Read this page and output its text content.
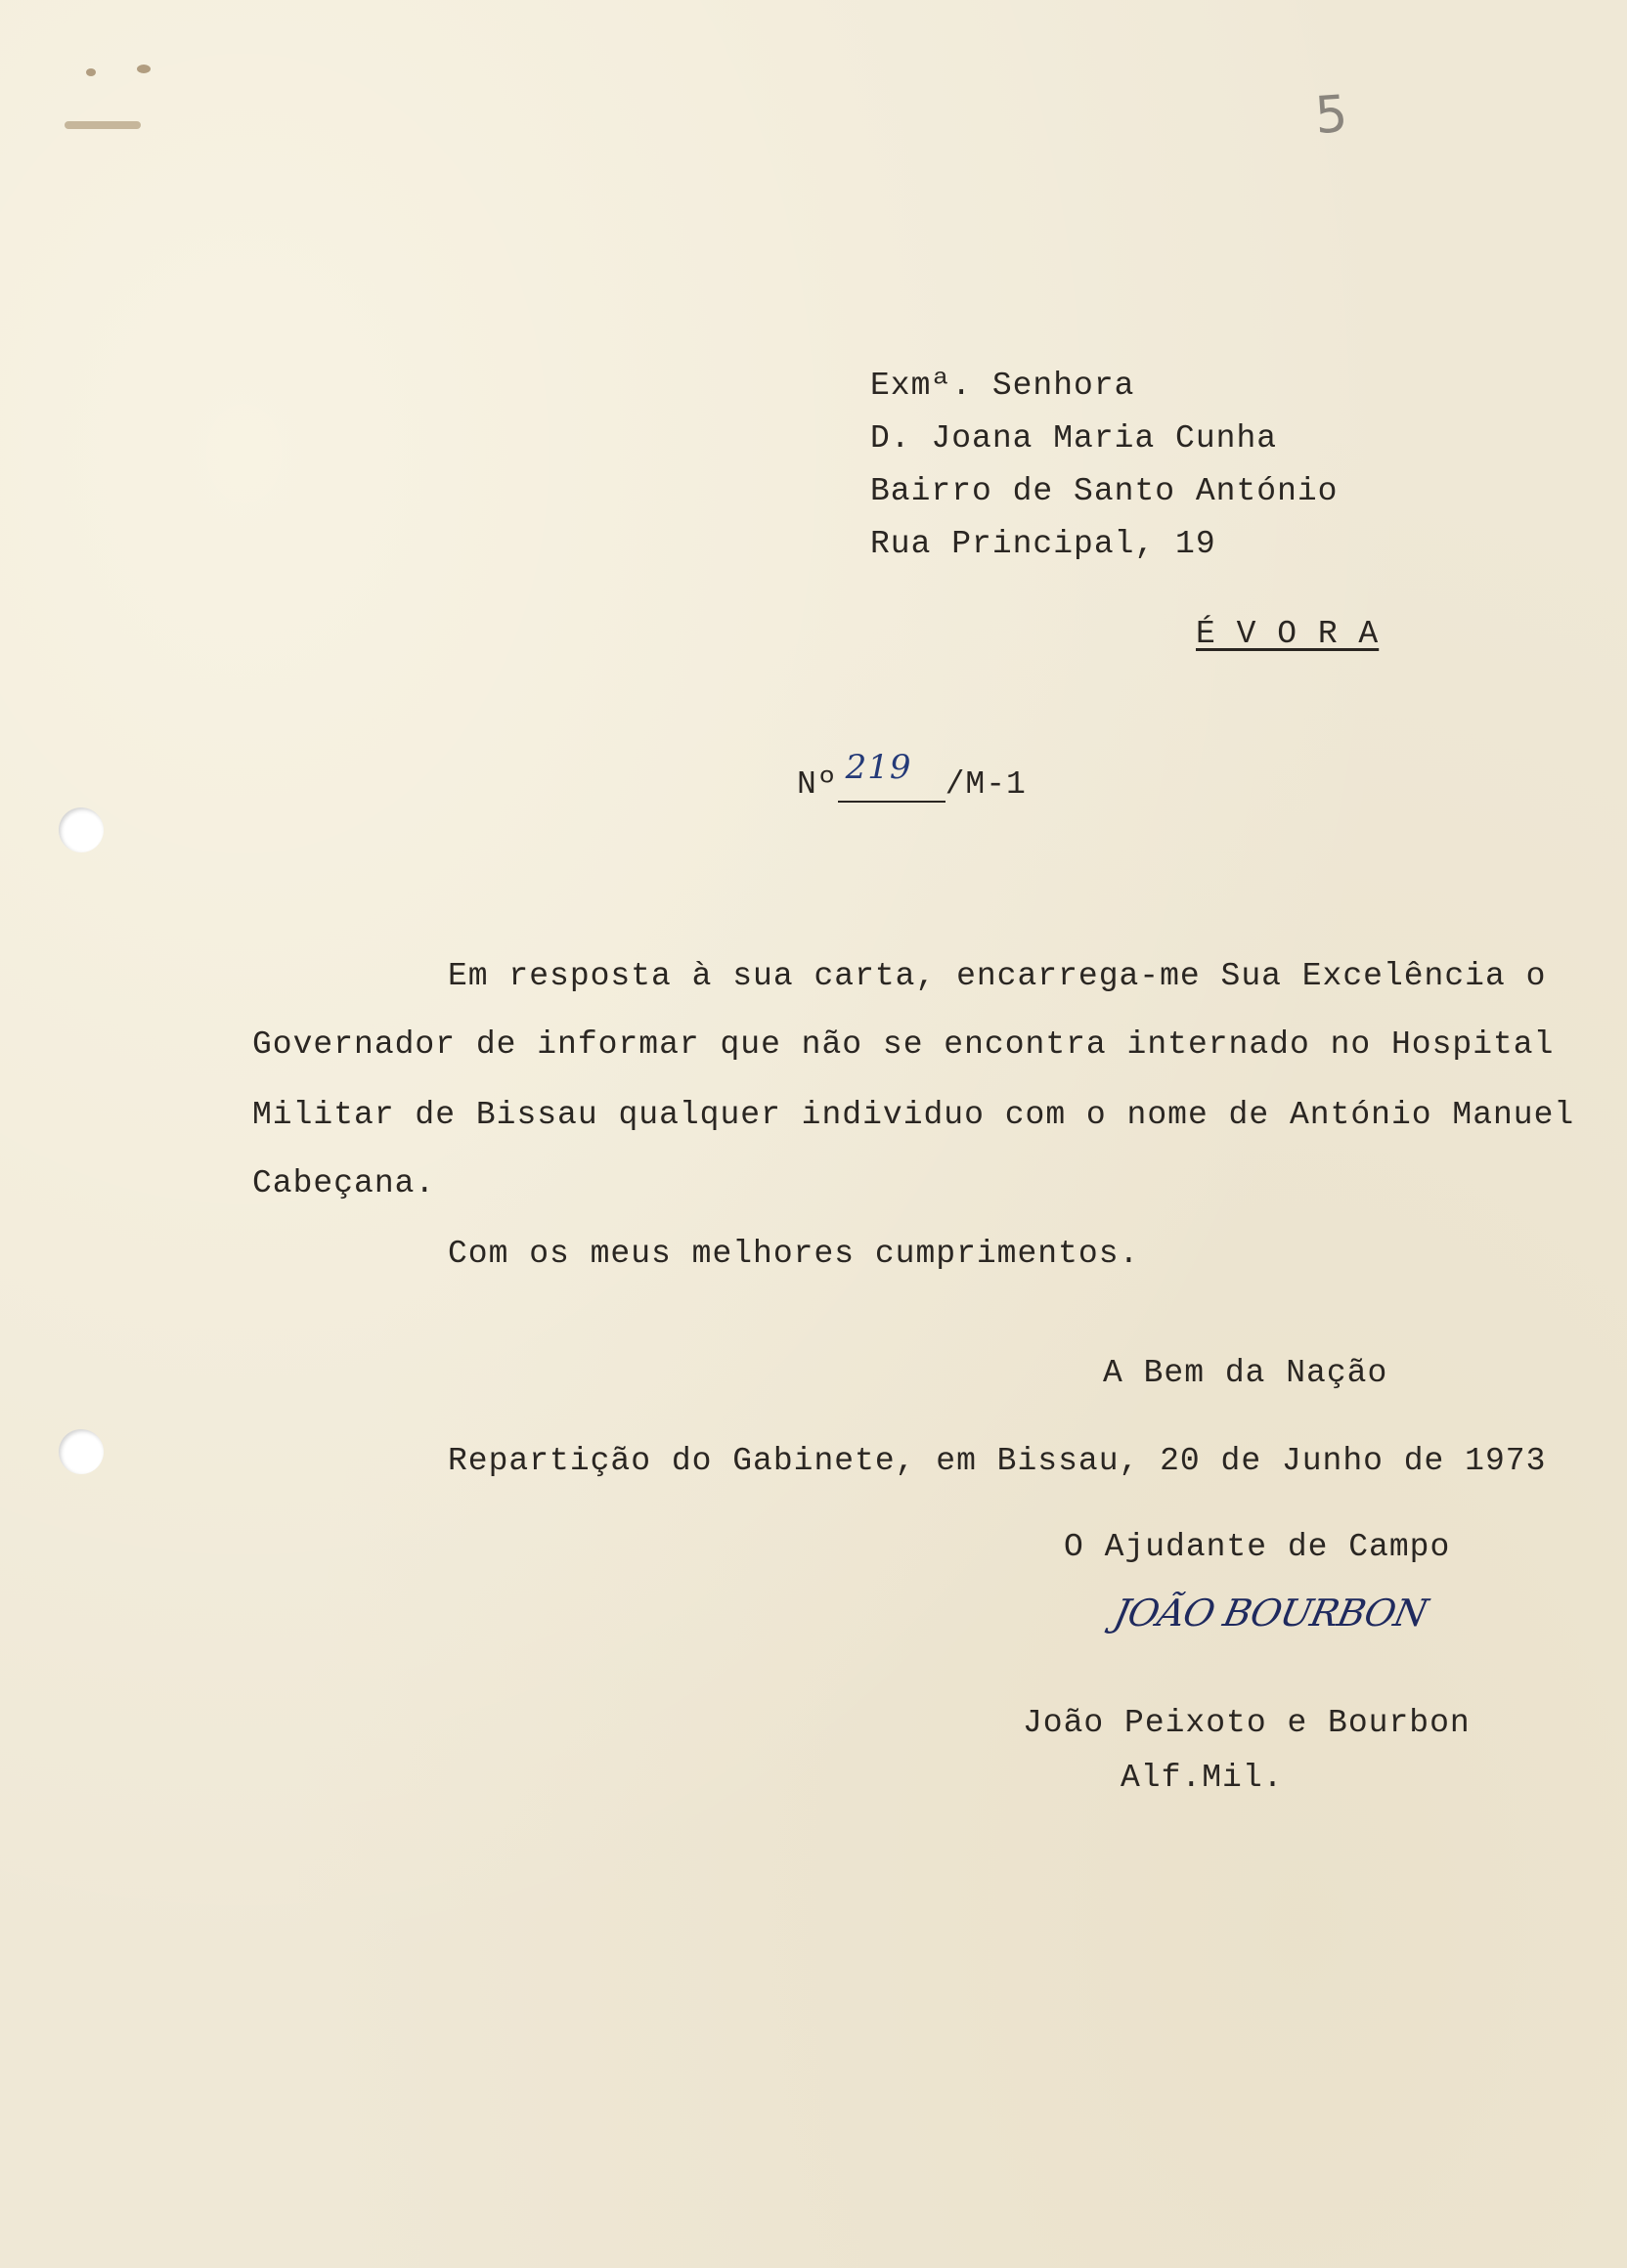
5
Exmª. Senhora
D. Joana Maria Cunha
Bairro de Santo António
Rua Principal, 19
É V O R A
Nº 219 /M-1
Em resposta à sua carta, encarrega-me Sua Excelência o
Governador de informar que não se encontra internado no Hospital
Militar de Bissau qualquer individuo com o nome de António Manuel
Cabeçana.
Com os meus melhores cumprimentos.
A Bem da Nação
Repartição do Gabinete, em Bissau, 20 de Junho de 1973
O Ajudante de Campo
JOÃO BOURBON
João Peixoto e Bourbon
Alf.Mil.
